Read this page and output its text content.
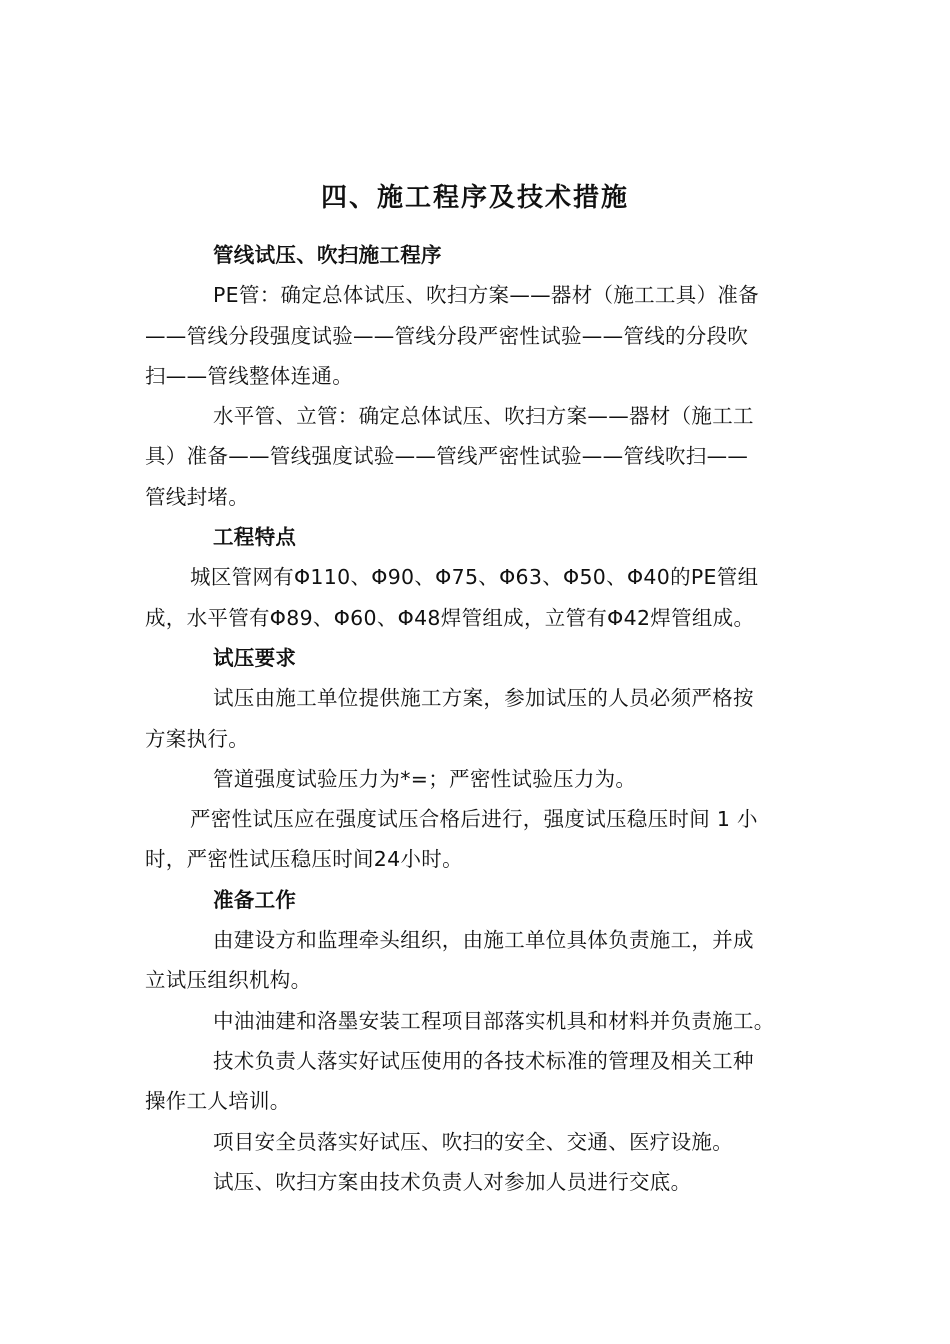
四、施工程序及技术措施
管线试压、吹扫施工程序
PE管：确定总体试压、吹扫方案——器材（施工工具）准备
——管线分段强度试验——管线分段严密性试验——管线的分段吹
扫——管线整体连通。
水平管、立管：确定总体试压、吹扫方案——器材（施工工
具）准备——管线强度试验——管线严密性试验——管线吹扫——
管线封堵。
工程特点
城区管网有Φ110、Φ90、Φ75、Φ63、Φ50、Φ40的PE管组
成，水平管有Φ89、Φ60、Φ48焊管组成，立管有Φ42焊管组成。
试压要求
试压由施工单位提供施工方案，参加试压的人员必须严格按
方案执行。
管道强度试验压力为*=；严密性试验压力为。
严密性试压应在强度试压合格后进行，强度试压稳压时间 1 小
时，严密性试压稳压时间24小时。
准备工作
由建设方和监理牵头组织，由施工单位具体负责施工，并成
立试压组织机构。
中油油建和洛墨安装工程项目部落实机具和材料并负责施工。
技术负责人落实好试压使用的各技术标准的管理及相关工种
操作工人培训。
项目安全员落实好试压、吹扫的安全、交通、医疗设施。
试压、吹扫方案由技术负责人对参加人员进行交底。
